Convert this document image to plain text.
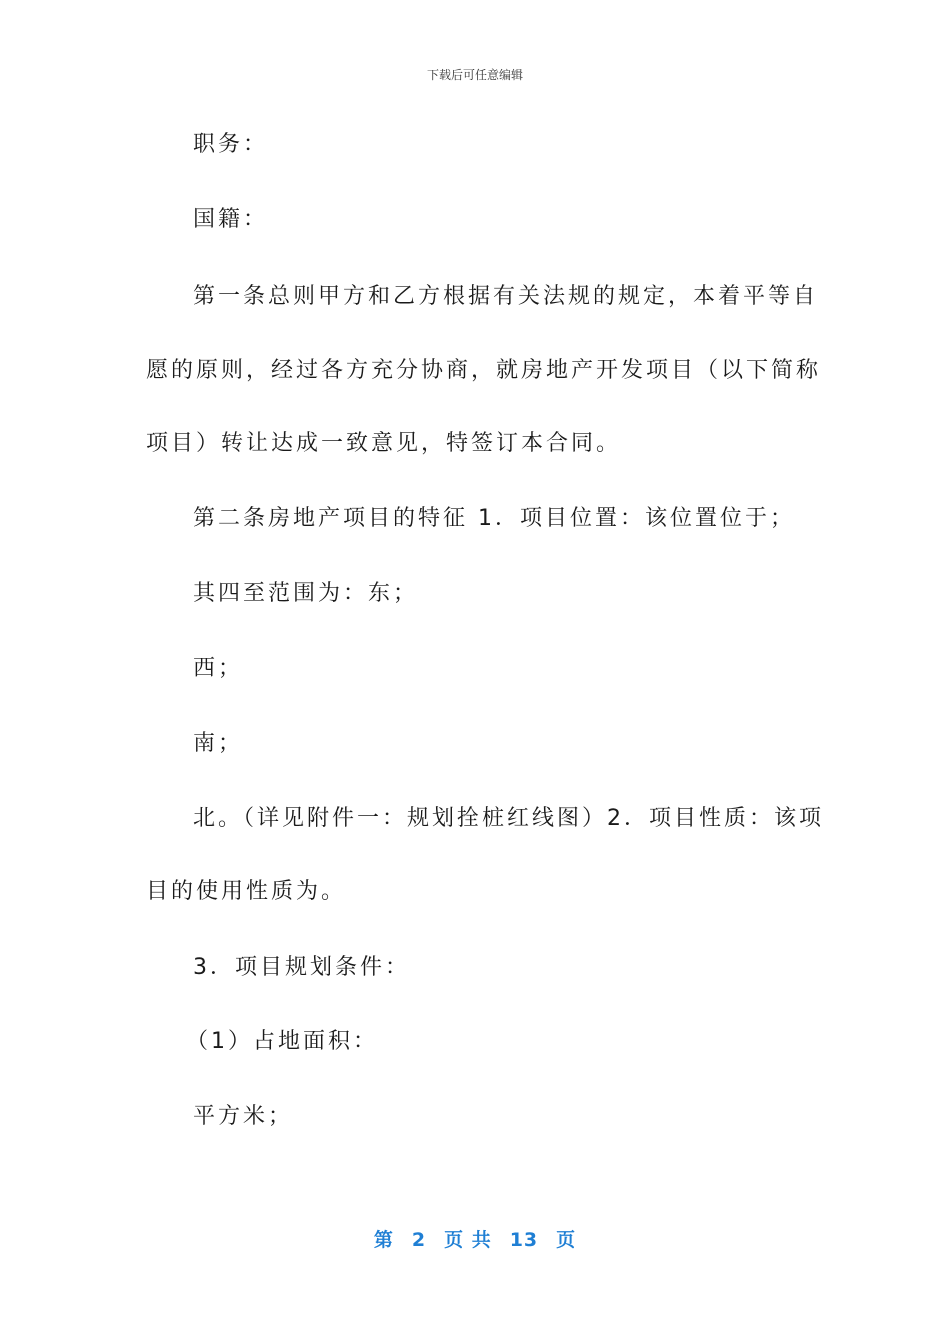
下载后可任意编辑
职务：
国籍：
第一条总则甲方和乙方根据有关法规的规定，本着平等自
愿的原则，经过各方充分协商，就房地产开发项目（以下简称
项目）转让达成一致意见，特签订本合同。
第二条房地产项目的特征 1．项目位置：该位置位于；
其四至范围为：东；
西；
南；
北。（详见附件一：规划拴桩红线图）2．项目性质：该项
目的使用性质为。
3．项目规划条件：
（1）占地面积：
平方米；
第 2 页 共 13 页
